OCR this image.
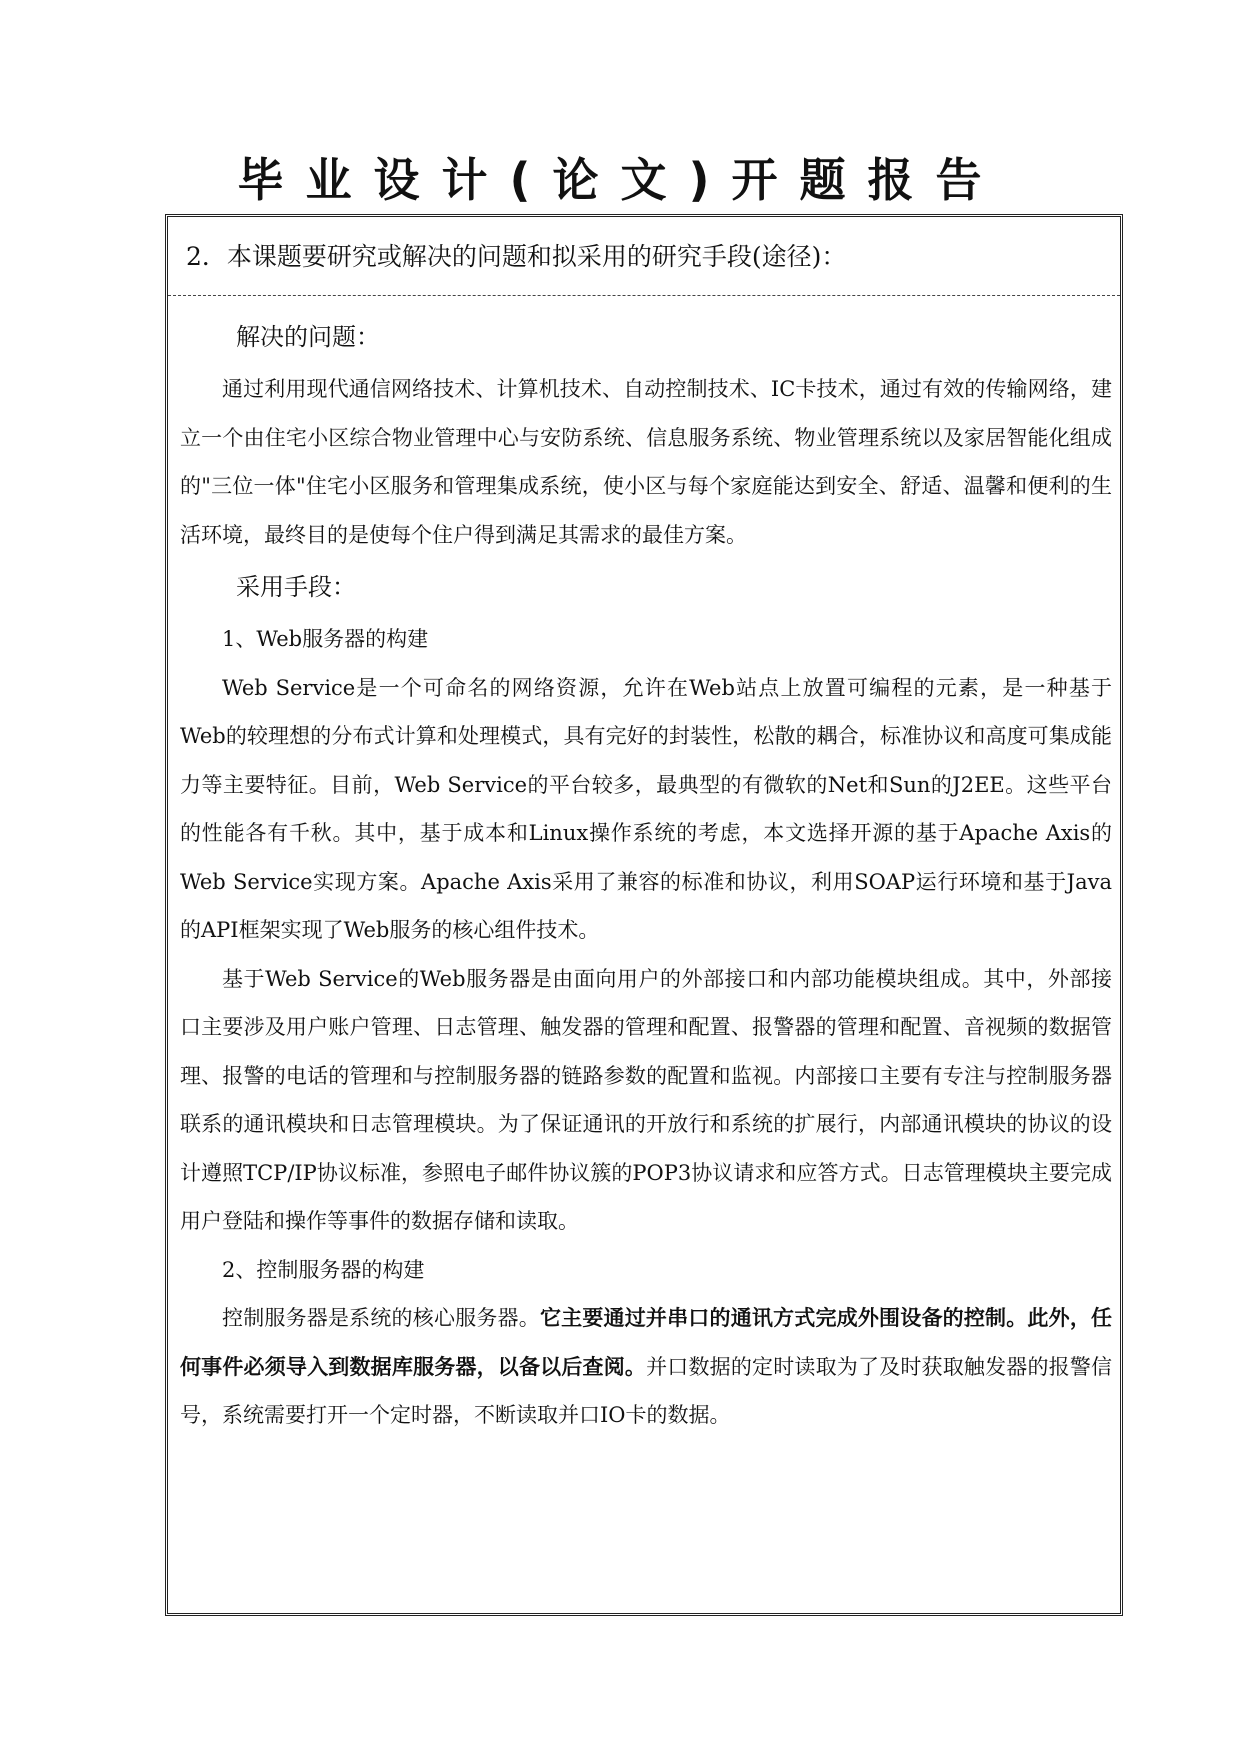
毕业设计(论文)开题报告
2．本课题要研究或解决的问题和拟采用的研究手段(途径)：
解决的问题：

通过利用现代通信网络技术、计算机技术、自动控制技术、IC卡技术，通过有效的传输网络，建立一个由住宅小区综合物业管理中心与安防系统、信息服务系统、物业管理系统以及家居智能化组成的"三位一体"住宅小区服务和管理集成系统，使小区与每个家庭能达到安全、舒适、温馨和便利的生活环境，最终目的是使每个住户得到满足其需求的最佳方案。

采用手段：

1、Web服务器的构建

Web Service是一个可命名的网络资源，允许在Web站点上放置可编程的元素，是一种基于Web的较理想的分布式计算和处理模式，具有完好的封装性，松散的耦合，标准协议和高度可集成能力等主要特征。目前，Web Service的平台较多，最典型的有微软的Net和Sun的J2EE。这些平台的性能各有千秋。其中，基于成本和Linux操作系统的考虑，本文选择开源的基于Apache Axis的Web Service实现方案。Apache Axis采用了兼容的标准和协议，利用SOAP运行环境和基于Java的API框架实现了Web服务的核心组件技术。

基于Web Service的Web服务器是由面向用户的外部接口和内部功能模块组成。其中，外部接口主要涉及用户账户管理、日志管理、触发器的管理和配置、报警器的管理和配置、音视频的数据管理、报警的电话的管理和与控制服务器的链路参数的配置和监视。内部接口主要有专注与控制服务器联系的通讯模块和日志管理模块。为了保证通讯的开放行和系统的扩展行，内部通讯模块的协议的设计遵照TCP/IP协议标准，参照电子邮件协议簇的POP3协议请求和应答方式。日志管理模块主要完成用户登陆和操作等事件的数据存储和读取。

2、控制服务器的构建

控制服务器是系统的核心服务器。它主要通过并串口的通讯方式完成外围设备的控制。此外，任何事件必须导入到数据库服务器，以备以后查阅。并口数据的定时读取为了及时获取触发器的报警信号，系统需要打开一个定时器，不断读取并口IO卡的数据。
